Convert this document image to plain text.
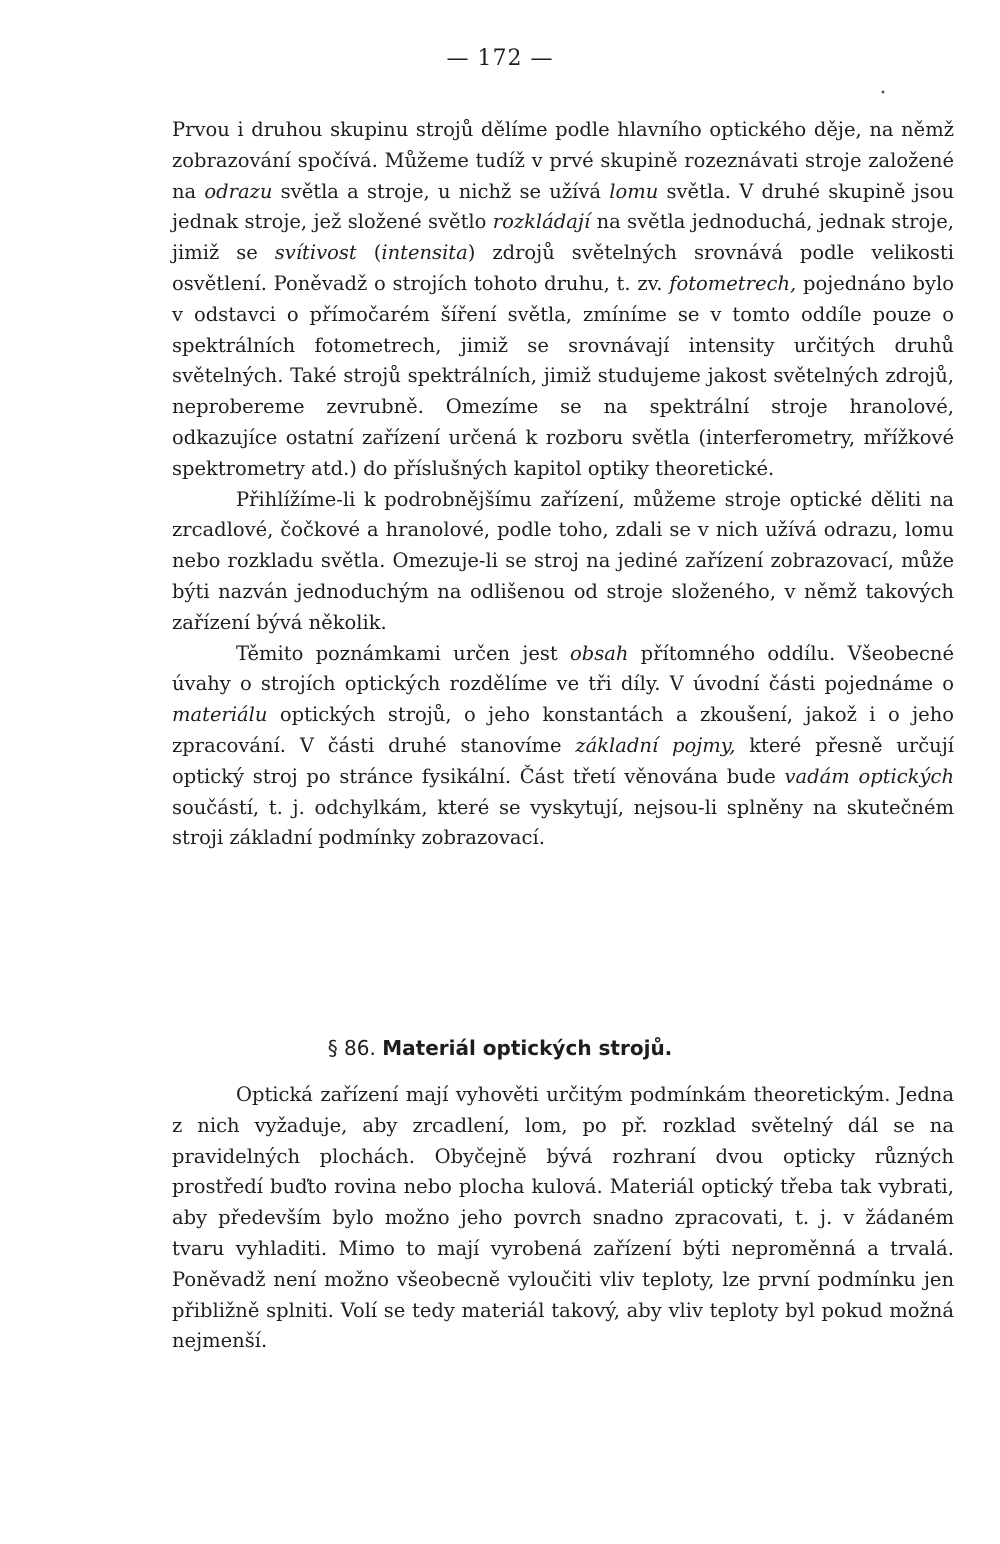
— 172 —
•

Prvou i druhou skupinu strojů dělíme podle hlavního optického děje, na němž zobrazování spočívá. Můžeme tudíž v prvé skupině rozeznávati stroje založené na odrazu světla a stroje, u nichž se užívá lomu světla. V druhé skupině jsou jednak stroje, jež složené světlo rozkládají na světla jednoduchá, jednak stroje, jimiž se svítivost (intensita) zdrojů světelných srovnává podle velikosti osvětlení. Poněvadž o strojích tohoto druhu, t. zv. fotometrech, pojednáno bylo v odstavci o přímočarém šíření světla, zmíníme se v tomto oddíle pouze o spektrálních fotometrech, jimiž se srovnávají intensity určitých druhů světelných. Také strojů spektrálních, jimiž studujeme jakost světelných zdrojů, neprobereme zevrubně. Omezíme se na spektrální stroje hranolové, odkazujíce ostatní zařízení určená k rozboru světla (interferometry, mřížkové spektrometry atd.) do příslušných kapitol optiky theoretické.

Přihlížíme-li k podrobnějšímu zařízení, můžeme stroje optické děliti na zrcadlové, čočkové a hranolové, podle toho, zdali se v nich užívá odrazu, lomu nebo rozkladu světla. Omezuje-li se stroj na jediné zařízení zobrazovací, může býti nazván jednoduchým na odlišenou od stroje složeného, v němž takových zařízení bývá několik.

Těmito poznámkami určen jest obsah přítomného oddílu. Všeobecné úvahy o strojích optických rozdělíme ve tři díly. V úvodní části pojednáme o materiálu optických strojů, o jeho konstantách a zkoušení, jakož i o jeho zpracování. V části druhé stanovíme základní pojmy, které přesně určují optický stroj po stránce fysikální. Část třetí věnována bude vadám optických součástí, t. j. odchylkám, které se vyskytují, nejsou-li splněny na skutečném stroji základní podmínky zobrazovací.

§ 86. Materiál optických strojů.

Optická zařízení mají vyhověti určitým podmínkám theoretickým. Jedna z nich vyžaduje, aby zrcadlení, lom, po př. rozklad světelný dál se na pravidelných plochách. Obyčejně bývá rozhraní dvou opticky různých prostředí buďto rovina nebo plocha kulová. Materiál optický třeba tak vybrati, aby především bylo možno jeho povrch snadno zpracovati, t. j. v žádaném tvaru vyhladiti. Mimo to mají vyrobená zařízení býti neproměnná a trvalá. Poněvadž není možno všeobecně vyloučiti vliv teploty, lze první podmínku jen přibližně splniti. Volí se tedy materiál takový, aby vliv teploty byl pokud možná nejmenší.
